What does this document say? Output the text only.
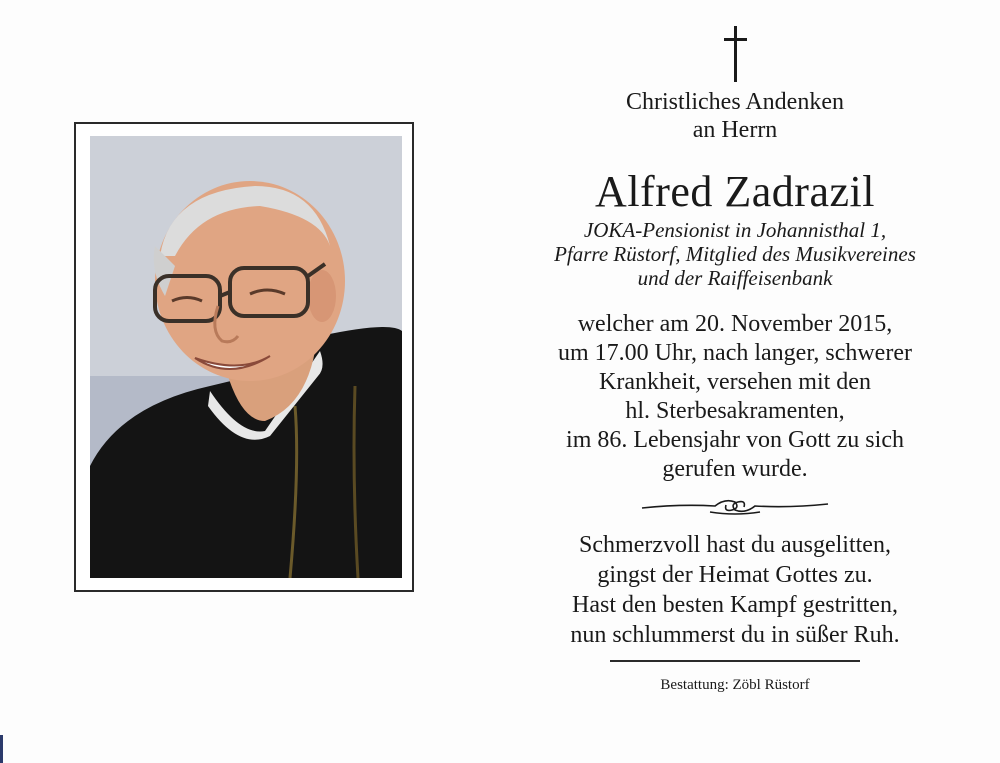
Christliches Andenken
an Herrn
Alfred Zadrazil
JOKA-Pensionist in Johannisthal 1,
Pfarre Rüstorf, Mitglied des Musikvereines
und der Raiffeisenbank
welcher am 20. November 2015,
um 17.00 Uhr, nach langer, schwerer
Krankheit, versehen mit den
hl. Sterbesakramenten,
im 86. Lebensjahr von Gott zu sich
gerufen wurde.
Schmerzvoll hast du ausgelitten,
gingst der Heimat Gottes zu.
Hast den besten Kampf gestritten,
nun schlummerst du in süßer Ruh.
Bestattung: Zöbl Rüstorf
